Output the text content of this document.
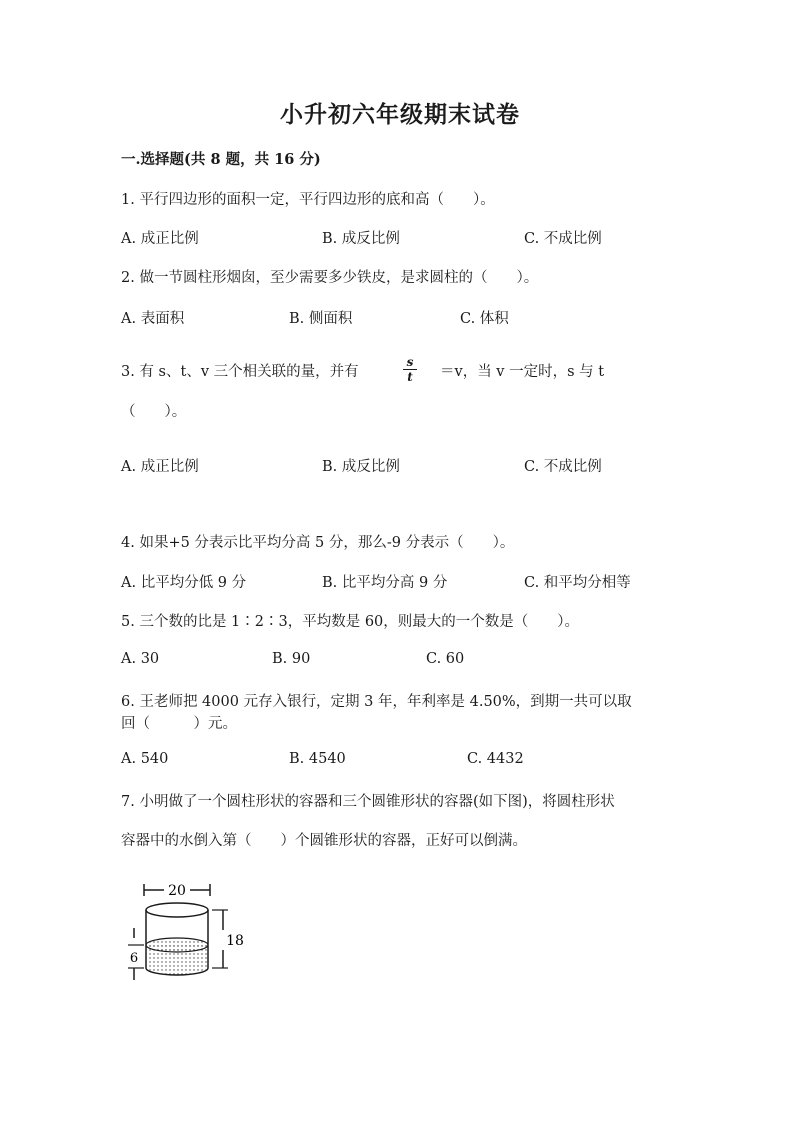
小升初六年级期末试卷
一.选择题(共 8 题，共 16 分)
1. 平行四边形的面积一定，平行四边形的底和高（　　）。
A. 成正比例	B. 成反比例	C. 不成比例
2. 做一节圆柱形烟囱，至少需要多少铁皮，是求圆柱的（　　）。
A. 表面积	B. 侧面积	C. 体积
3. 有 s、t、v 三个相关联的量，并有	$\frac{s}{t} =v$，当 v 一定时，s 与 t
（　　）。
A. 成正比例	B. 成反比例	C. 不成比例
4. 如果+5 分表示比平均分高 5 分，那么-9 分表示（　　）。
A. 比平均分低 9 分	B. 比平均分高 9 分	C. 和平均分相等
5. 三个数的比是 1∶2∶3，平均数是 60，则最大的一个数是（　　）。
A. 30	B. 90	C. 60
6. 王老师把 4000 元存入银行，定期 3 年，年利率是 4.50%，到期一共可以取
回（　　　）元。
A. 540	B. 4540	C. 4432
7. 小明做了一个圆柱形状的容器和三个圆锥形状的容器(如下图)，将圆柱形状
容器中的水倒入第（　　）个圆锥形状的容器，正好可以倒满。
20
18
6
